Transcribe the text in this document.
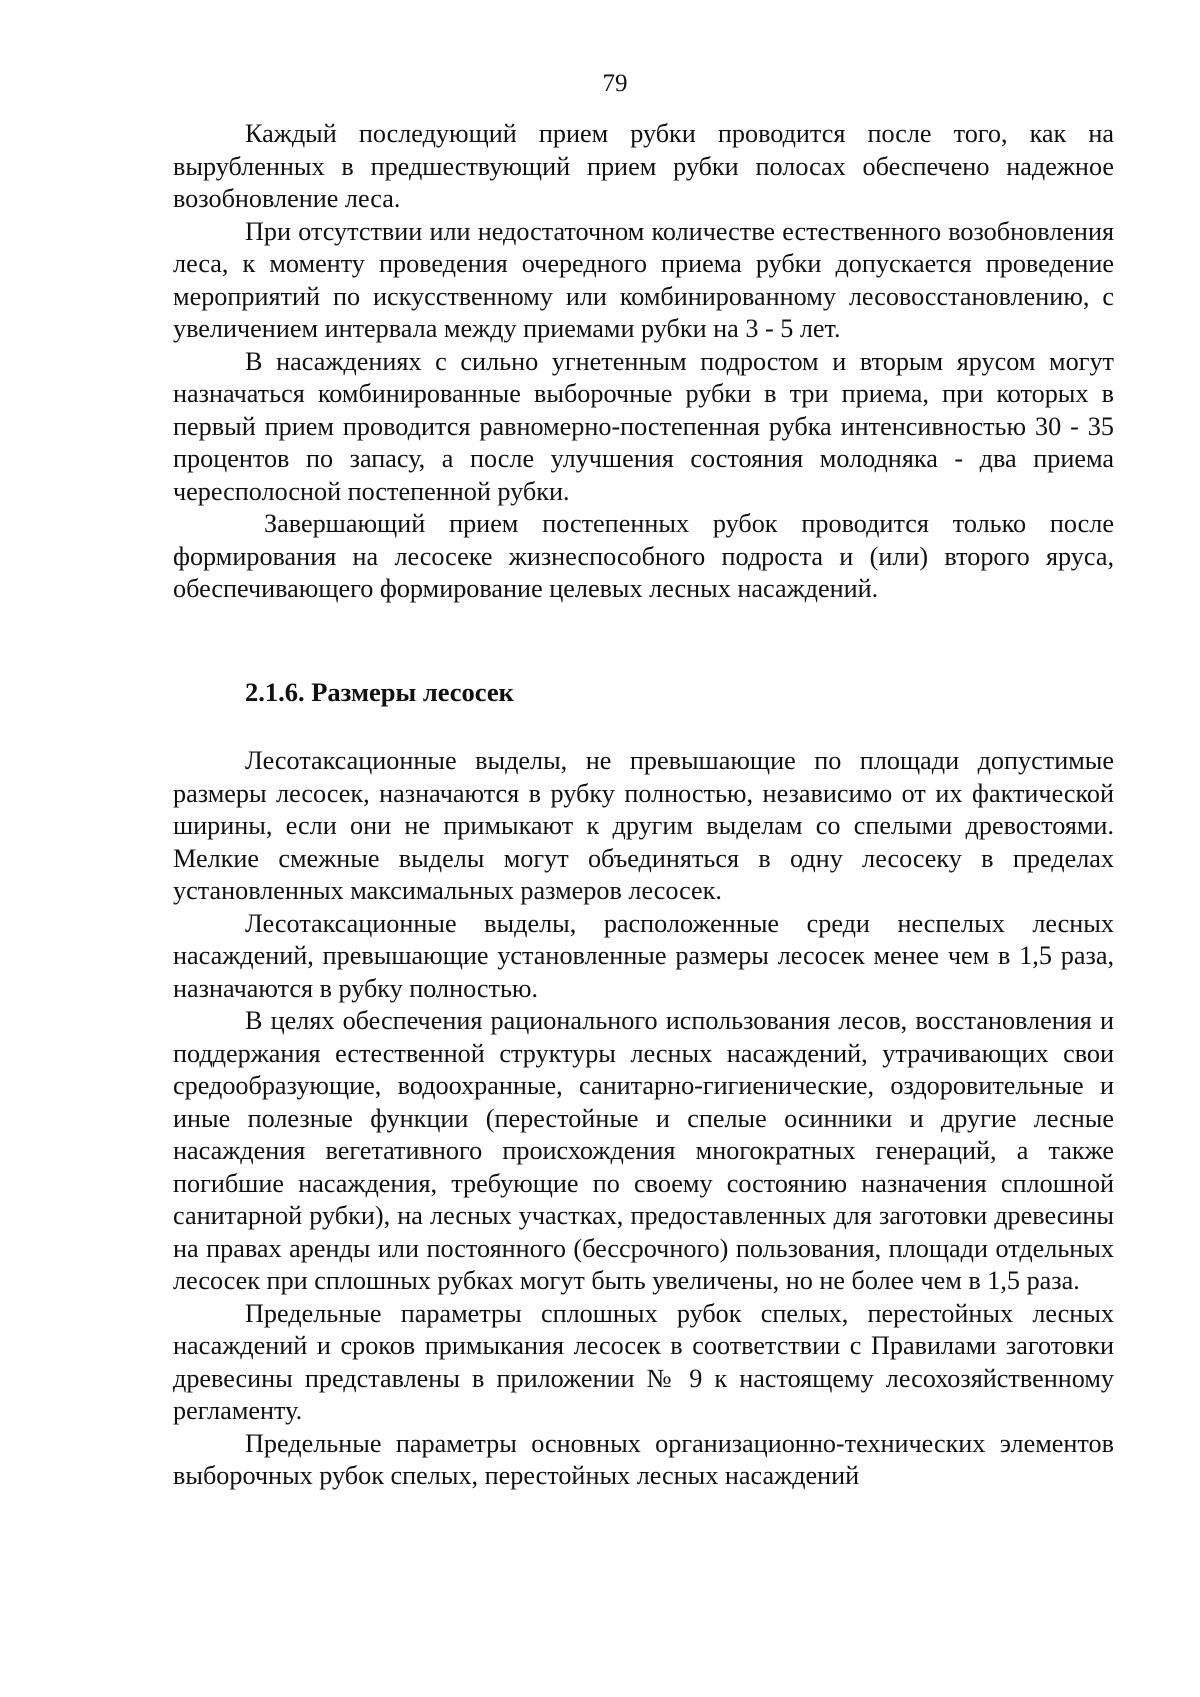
79

Каждый последующий прием рубки проводится после того, как на вырубленных в предшествующий прием рубки полосах обеспечено надежное возобновление леса.

При отсутствии или недостаточном количестве естественного возобновления леса, к моменту проведения очередного приема рубки допускается проведение мероприятий по искусственному или комбинированному лесовосстановлению, с увеличением интервала между приемами рубки на 3 - 5 лет.

В насаждениях с сильно угнетенным подростом и вторым ярусом могут назначаться комбинированные выборочные рубки в три приема, при которых в первый прием проводится равномерно-постепенная рубка интенсивностью 30 - 35 процентов по запасу, а после улучшения состояния молодняка - два приема чересполосной постепенной рубки.

Завершающий прием постепенных рубок проводится только после формирования на лесосеке жизнеспособного подроста и (или) второго яруса, обеспечивающего формирование целевых лесных насаждений.

2.1.6. Размеры лесосек

Лесотаксационные выделы, не превышающие по площади допустимые размеры лесосек, назначаются в рубку полностью, независимо от их фактической ширины, если они не примыкают к другим выделам со спелыми древостоями. Мелкие смежные выделы могут объединяться в одну лесосеку в пределах установленных максимальных размеров лесосек.

Лесотаксационные выделы, расположенные среди неспелых лесных насаждений, превышающие установленные размеры лесосек менее чем в 1,5 раза, назначаются в рубку полностью.

В целях обеспечения рационального использования лесов, восстановления и поддержания естественной структуры лесных насаждений, утрачивающих свои средообразующие, водоохранные, санитарно-гигиенические, оздоровительные и иные полезные функции (перестойные и спелые осинники и другие лесные насаждения вегетативного происхождения многократных генераций, а также погибшие насаждения, требующие по своему состоянию назначения сплошной санитарной рубки), на лесных участках, предоставленных для заготовки древесины на правах аренды или постоянного (бессрочного) пользования, площади отдельных лесосек при сплошных рубках могут быть увеличены, но не более чем в 1,5 раза.

Предельные параметры сплошных рубок спелых, перестойных лесных насаждений и сроков примыкания лесосек в соответствии с Правилами заготовки древесины представлены в приложении № 9 к настоящему лесохозяйственному регламенту.

Предельные параметры основных организационно-технических элементов выборочных рубок спелых, перестойных лесных насаждений
